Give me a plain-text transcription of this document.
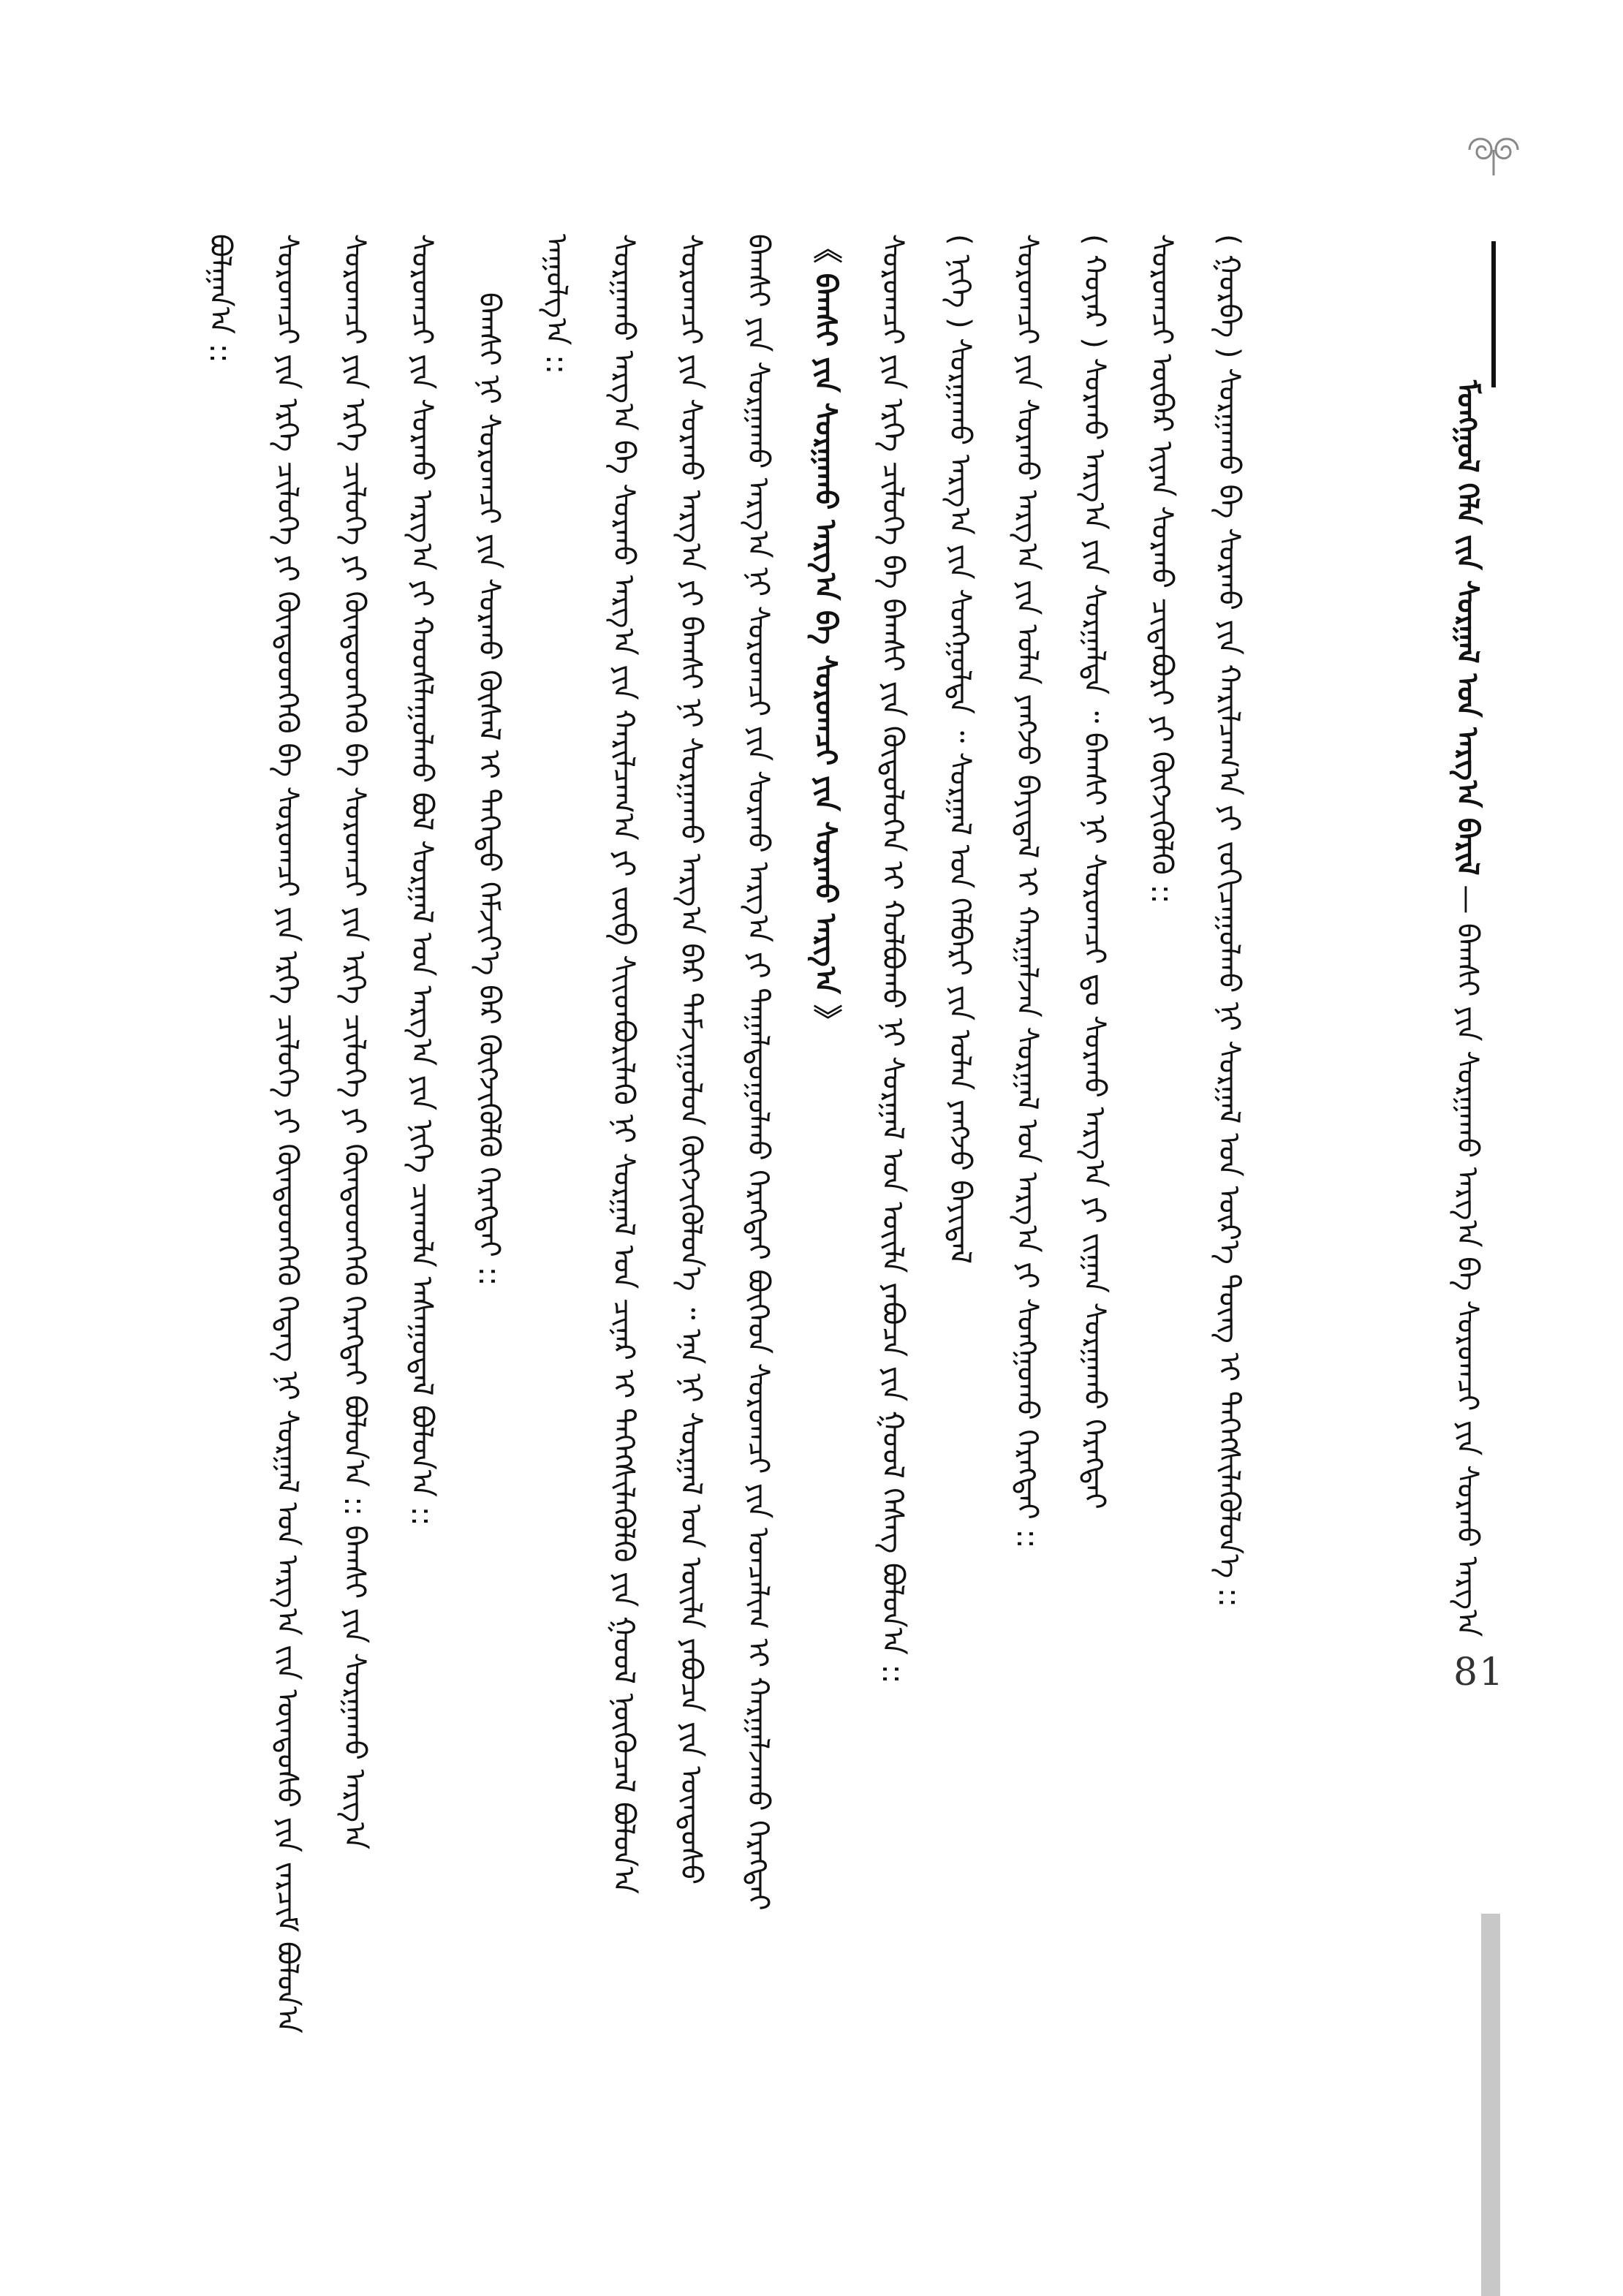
ᠮᠣᠩᠭᠣᠯ ᠬᠡᠯᠡ ᠵᠢᠨ ᠰᠤᠷᠭᠠᠯ ᠤᠨ ᠠᠷᠭ᠎ᠠ ᠪᠠᠷᠢᠯ — ᠪᠠᠭᠰᠢ ᠶᠢᠨ ᠰᠤᠷᠭᠠᠬᠤ ᠠᠷᠭ᠎ᠠ ᠪᠠ ᠰᠤᠷᠤᠭᠴᠢ ᠶᠢᠨ ᠰᠤᠷᠬᠤ ᠠᠷᠭ᠎ᠠ
81
ᠪᠣᠯᠭᠠᠨ᠎ᠠ ::	ᠰᠤᠷᠤᠭᠴᠢ ᠶᠢᠨ ᠡᠷᠬᠡ ᠴᠢᠯᠦᠭᠡ ᠶᠢ ᠬᠦᠨᠳᠦᠳᠬᠡᠬᠦ ᠪᠠ ᠰᠤᠷᠤᠭᠴᠢ ᠶᠢᠨ ᠡᠷᠬᠡ ᠴᠢᠯᠦᠭᠡ ᠶᠢ ᠬᠦᠨᠳᠦᠳᠬᠡᠬᠦ ᠭᠡᠳᠡᠭ ᠨᠢ ᠰᠤᠷᠭᠠᠯ ᠤᠨ ᠠᠷᠭ᠎ᠠ ᠵᠢᠨ ᠦᠨᠳᠦᠰᠦ ᠶᠢᠨ ᠵᠠᠷᠴᠢᠮ ᠪᠣᠯᠤᠨ᠎ᠠ	ᠰᠤᠷᠤᠭᠴᠢ ᠶᠢᠨ ᠡᠷᠬᠡ ᠴᠢᠯᠦᠭᠡ ᠶᠢ ᠬᠦᠨᠳᠦᠳᠬᠡᠬᠦ ᠪᠠ ᠰᠤᠷᠤᠭᠴᠢ ᠶᠢᠨ ᠡᠷᠬᠡ ᠴᠢᠯᠦᠭᠡ ᠶᠢ ᠬᠦᠨᠳᠦᠳᠬᠡᠬᠦ ᠬᠡᠷᠡᠭᠲᠡᠢ ᠪᠣᠯᠤᠨ᠎ᠠ :: ᠪᠠᠭᠰᠢ ᠶᠢᠨ ᠰᠤᠷᠭᠠᠬᠤ ᠠᠷᠭ᠎ᠠ	ᠰᠤᠷᠤᠭᠴᠢ ᠶᠢᠨ ᠰᠤᠷᠬᠤ ᠠᠷᠭ᠎ᠠ ᠶᠢ ᠬᠣᠤᠰᠯᠠᠭᠤᠯᠬᠤ ᠪᠣᠯ ᠰᠤᠷᠭᠠᠯ ᠤᠨ ᠠᠷᠭ᠎ᠠ ᠶᠢᠨ ᠨᠢᠭᠡ ᠴᠢᠬᠤᠯᠠ ᠠᠰᠠᠭᠤᠳᠠᠯ ᠪᠣᠯᠤᠨ᠎ᠠ ::	ᠪᠠᠭᠰᠢ ᠨᠢ ᠰᠤᠷᠤᠭᠴᠢ ᠶᠢᠨ ᠰᠤᠷᠬᠤ ᠬᠦᠰᠡᠯ ᠢ ᠳᠡᠭᠡᠳᠦ ᠬᠡᠮᠵᠢᠶ᠎ᠡ ᠪᠡᠷ ᠬᠥᠭᠵᠢᠭᠦᠯᠬᠦ ᠬᠡᠷᠡᠭᠲᠡᠢ ::	ᠠᠭᠤᠯᠭ᠎ᠠ ::	ᠰᠤᠷᠭᠠᠬᠤ ᠠᠷᠭ᠎ᠠ ᠪᠠ ᠰᠤᠷᠬᠤ ᠠᠷᠭ᠎ᠠ ᠶᠢᠨ ᠬᠠᠷᠢᠯᠴᠠᠭ᠎ᠠ ᠶᠢ ᠵᠥᠪ ᠰᠢᠢᠳᠪᠦᠷᠢᠯᠡᠬᠦ ᠨᠢ ᠰᠤᠷᠭᠠᠯ ᠤᠨ ᠴᠢᠨᠠᠷ ᠢ ᠳᠡᠭᠡᠭᠰᠢᠯᠡᠭᠦᠯᠬᠦ ᠶᠢᠨ ᠭᠣᠣᠯ ᠨᠥᠬᠦᠴᠡᠯ ᠪᠣᠯᠤᠨ᠎ᠠ	ᠰᠤᠷᠤᠭᠴᠢ ᠶᠢᠨ ᠰᠤᠷᠬᠤ ᠠᠷᠭ᠎ᠠ ᠶᠢ ᠪᠠᠭᠰᠢ ᠨᠢ ᠰᠤᠷᠭᠠᠬᠤ ᠠᠷᠭ᠎ᠠ ᠪᠠᠷ ᠳᠠᠮᠵᠢᠭᠤᠯᠤᠨ ᠬᠥᠭᠵᠢᠭᠦᠯᠦᠨ᠎ᠡ ᠃ ᠡᠨᠡ ᠨᠢ ᠰᠤᠷᠭᠠᠯ ᠤᠨ ᠦᠢᠯᠡ ᠶᠠᠪᠤᠴᠠ ᠶᠢᠨ ᠦᠨᠳᠦᠰᠦ	ᠪᠠᠭᠰᠢ ᠶᠢᠨ ᠰᠤᠷᠭᠠᠬᠤ ᠠᠷᠭ᠎ᠠ ᠨᠢ ᠰᠤᠷᠤᠭᠴᠢ ᠶᠢᠨ ᠰᠤᠷᠬᠤ ᠠᠷᠭ᠎ᠠ ᠶᠢ ᠳᠠᠭᠠᠯᠳᠤᠭᠤᠯᠬᠤ ᠬᠡᠷᠡᠭᠲᠡᠢ ᠪᠥᠭᠡᠳ ᠰᠤᠷᠤᠭᠴᠢ ᠶᠢᠨ ᠣᠨᠴᠠᠯᠢᠭ ᠢ ᠬᠠᠷᠭᠠᠯᠵᠠᠬᠤ ᠬᠡᠷᠡᠭᠲᠡᠢ	《 ᠪᠠᠭᠰᠢ ᠶᠢᠨ ᠰᠤᠷᠭᠠᠬᠤ ᠠᠷᠭ᠎ᠠ ᠪᠠ ᠰᠤᠷᠤᠭᠴᠢ ᠶᠢᠨ ᠰᠤᠷᠬᠤ ᠠᠷᠭ᠎ᠠ 》	ᠰᠤᠷᠤᠭᠴᠢ ᠶᠢᠨ ᠡᠷᠬᠡ ᠴᠢᠯᠦᠭᠡ ᠪᠠ ᠪᠠᠭᠰᠢ ᠶᠢᠨ ᠬᠦᠳᠦᠯᠦᠭᠡᠨ ᠢ ᠬᠣᠯᠪᠣᠬᠤ ᠨᠢ ᠰᠤᠷᠭᠠᠯ ᠤᠨ ᠦᠢᠯᠡ ᠶᠠᠪᠤᠴᠠ ᠶᠢᠨ ᠭᠣᠣᠯ ᠬᠡᠰᠡᠭ ᠪᠣᠯᠤᠨ᠎ᠠ ::	( ᠨᠢᠭᠡ ) ᠰᠤᠷᠭᠠᠬᠤ ᠠᠷᠭ᠎ᠠ ᠶᠢᠨ ᠰᠣᠩᠭᠤᠯᠲᠠ ᠃ ᠰᠤᠷᠭᠠᠯ ᠤᠨ ᠬᠡᠯᠪᠡᠷᠢ ᠶᠢᠨ ᠣᠯᠠᠨ ᠶᠠᠩᠵᠤ ᠪᠠᠶᠢᠳᠠᠯ	ᠰᠤᠷᠤᠭᠴᠢ ᠶᠢᠨ ᠰᠤᠷᠬᠤ ᠠᠷᠭ᠎ᠠ ᠶᠢᠨ ᠣᠯᠠᠨ ᠶᠠᠩᠵᠤ ᠪᠠᠶᠢᠳᠠᠯ ᠢ ᠬᠠᠷᠭᠠᠯᠵᠠᠨ ᠰᠤᠷᠭᠠᠯ ᠤᠨ ᠠᠷᠭ᠎ᠠ ᠶᠢ ᠰᠣᠩᠭᠤᠬᠤ ᠬᠡᠷᠡᠭᠲᠡᠢ ::	( ᠬᠣᠶᠠᠷ ) ᠰᠤᠷᠬᠤ ᠠᠷᠭ᠎ᠠ ᠶᠢᠨ ᠰᠤᠷᠭᠠᠯᠲᠠ ᠃ ᠪᠠᠭᠰᠢ ᠨᠢ ᠰᠤᠷᠤᠭᠴᠢ ᠳᠤ ᠰᠤᠷᠬᠤ ᠠᠷᠭ᠎ᠠ ᠶᠢ ᠵᠢᠭᠠᠨ ᠰᠤᠷᠭᠠᠬᠤ ᠬᠡᠷᠡᠭᠲᠡᠢ	ᠰᠤᠷᠤᠭᠴᠢ ᠥᠪᠡᠷ ᠢᠶᠡᠨ ᠰᠤᠷᠬᠤ ᠴᠢᠳᠠᠪᠤᠷᠢ ᠶᠢ ᠬᠥᠭᠵᠢᠭᠦᠯᠬᠦ ::	( ᠭᠤᠷᠪᠠ ) ᠰᠤᠷᠭᠠᠬᠤ ᠪᠠ ᠰᠤᠷᠬᠤ ᠶᠢᠨ ᠬᠠᠷᠢᠯᠴᠠᠭ᠎ᠠ ᠶᠢ ᠵᠣᠬᠢᠴᠠᠭᠤᠯᠬᠤ ᠨᠢ ᠰᠤᠷᠭᠠᠯ ᠤᠨ ᠦᠷ᠎ᠡ ᠳᠦᠩ ᠢ ᠳᠡᠭᠡᠭᠰᠢᠯᠡᠭᠦᠯᠦᠨ᠎ᠡ ::
